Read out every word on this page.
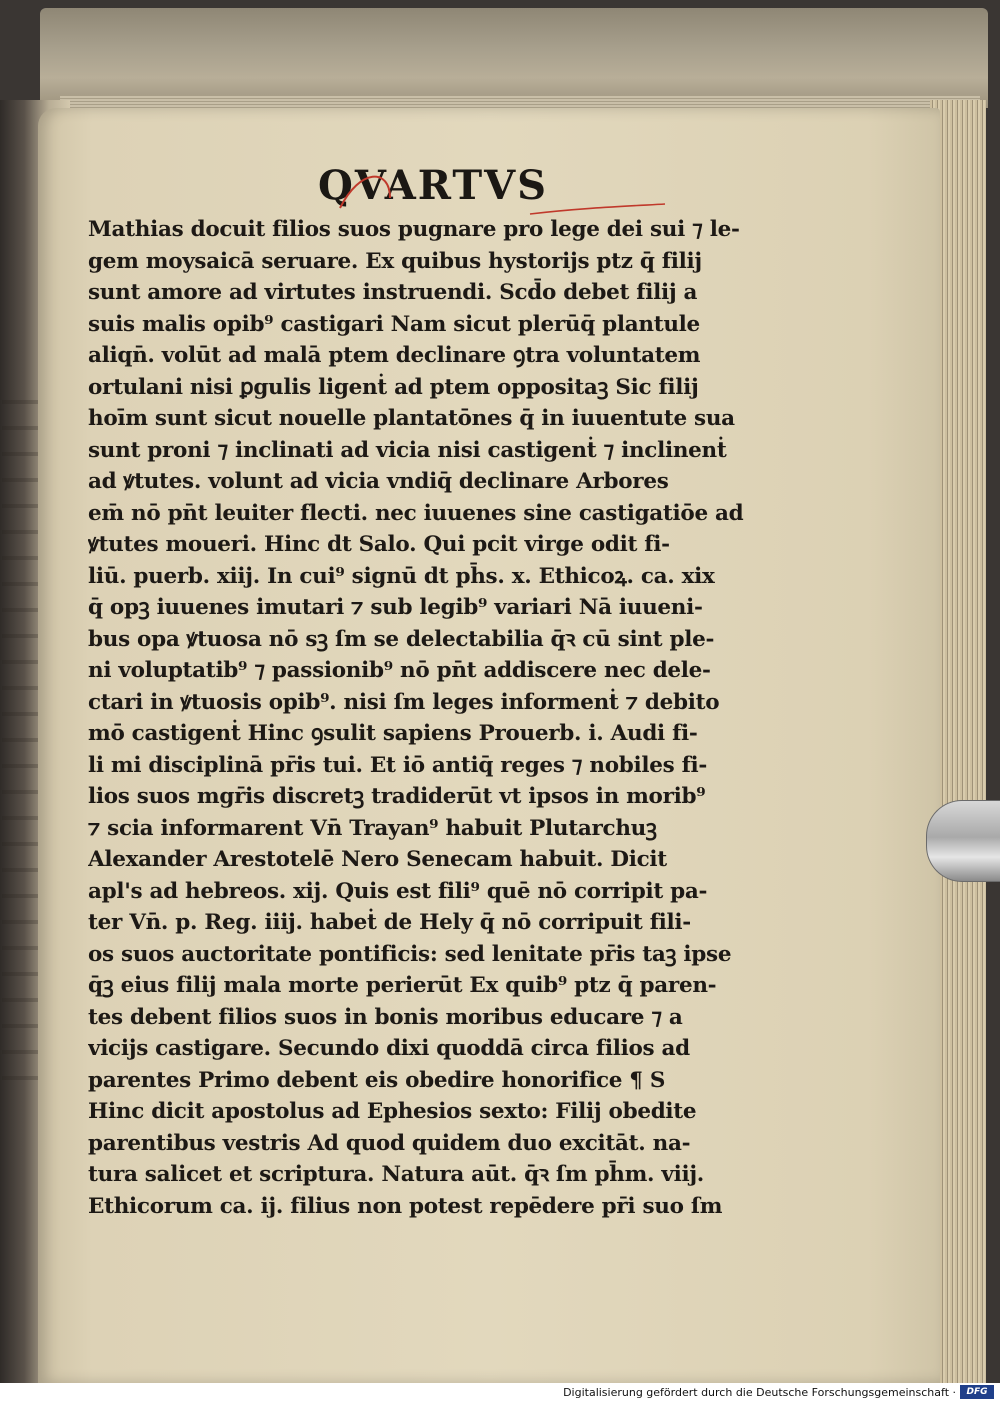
QVARTVS
Mathias docuit filios suos pugnare pro lege dei sui ⁊ le-
gem moysaicā seruare. Ex quibus hystorijs ptz q̄ filij
sunt amore ad virtutes instruendi. Scd̄o debet filij a
suis malis opib⁹ castigari Nam sicut plerūq̄ plantule
aliqn̄. volūt ad malā ptem declinare ꝯtra voluntatem
ortulani nisi ꝑgulis ligenṫ ad ptem oppositaꝫ Sic filij
hoīm sunt sicut nouelle plantatōnes q̄ in iuuentute sua
sunt proni ⁊ inclinati ad vicia nisi castigenṫ ⁊ inclinenṫ
ad ꝟtutes. volunt ad vicia vndiq̄ declinare Arbores
em̄ nō pn̄t leuiter flecti. nec iuuenes sine castigatiōe ad
ꝟtutes moueri. Hinc dt Salo. Qui pcit virge odit fi-
liū. puerb. xiij. In cui⁹ signū dt ph̄s. x. Ethicoꝝ. ca. xix
q̄ opꝫ iuuenes imutari ⁊ sub legib⁹ variari Nā iuueni-
bus opa ꝟtuosa nō sꝫ ſm se delectabilia q̄ꝛ cū sint ple-
ni voluptatib⁹ ⁊ passionib⁹ nō pn̄t addiscere nec dele-
ctari in ꝟtuosis opib⁹. nisi ſm leges informenṫ ⁊ debito
mō castigenṫ Hinc ꝯsulit sapiens Prouerb. i. Audi fi-
li mi disciplinā pr̄is tui. Et iō antiq̄ reges ⁊ nobiles fi-
lios suos mgr̄is discretꝫ tradiderūt vt ipsos in morib⁹
⁊ scia informarent Vn̄ Trayan⁹ habuit Plutarchuꝫ
Alexander Arestotelē Nero Senecam habuit. Dicit
apl's ad hebreos. xij. Quis est fili⁹ quē nō corripit pa-
ter Vn̄. p. Reg. iiij. habeṫ de Hely q̄ nō corripuit fili-
os suos auctoritate pontificis: sed lenitate pr̄is taꝫ ipse
q̄ꝫ eius filij mala morte perierūt Ex quib⁹ ptz q̄ paren-
tes debent filios suos in bonis moribus educare ⁊ a
vicijs castigare. Secundo dixi quoddā circa filios ad
parentes Primo debent eis obedire honorifice ¶ S
Hinc dicit apostolus ad Ephesios sexto: Filij obedite
parentibus vestris Ad quod quidem duo excitāt. na-
tura salicet et scriptura. Natura aūt. q̄ꝛ ſm ph̄m. viij.
Ethicorum ca. ij. filius non potest repēdere pr̄i suo ſm
Digitalisierung gefördert durch die Deutsche Forschungsgemeinschaft ·	DFG
